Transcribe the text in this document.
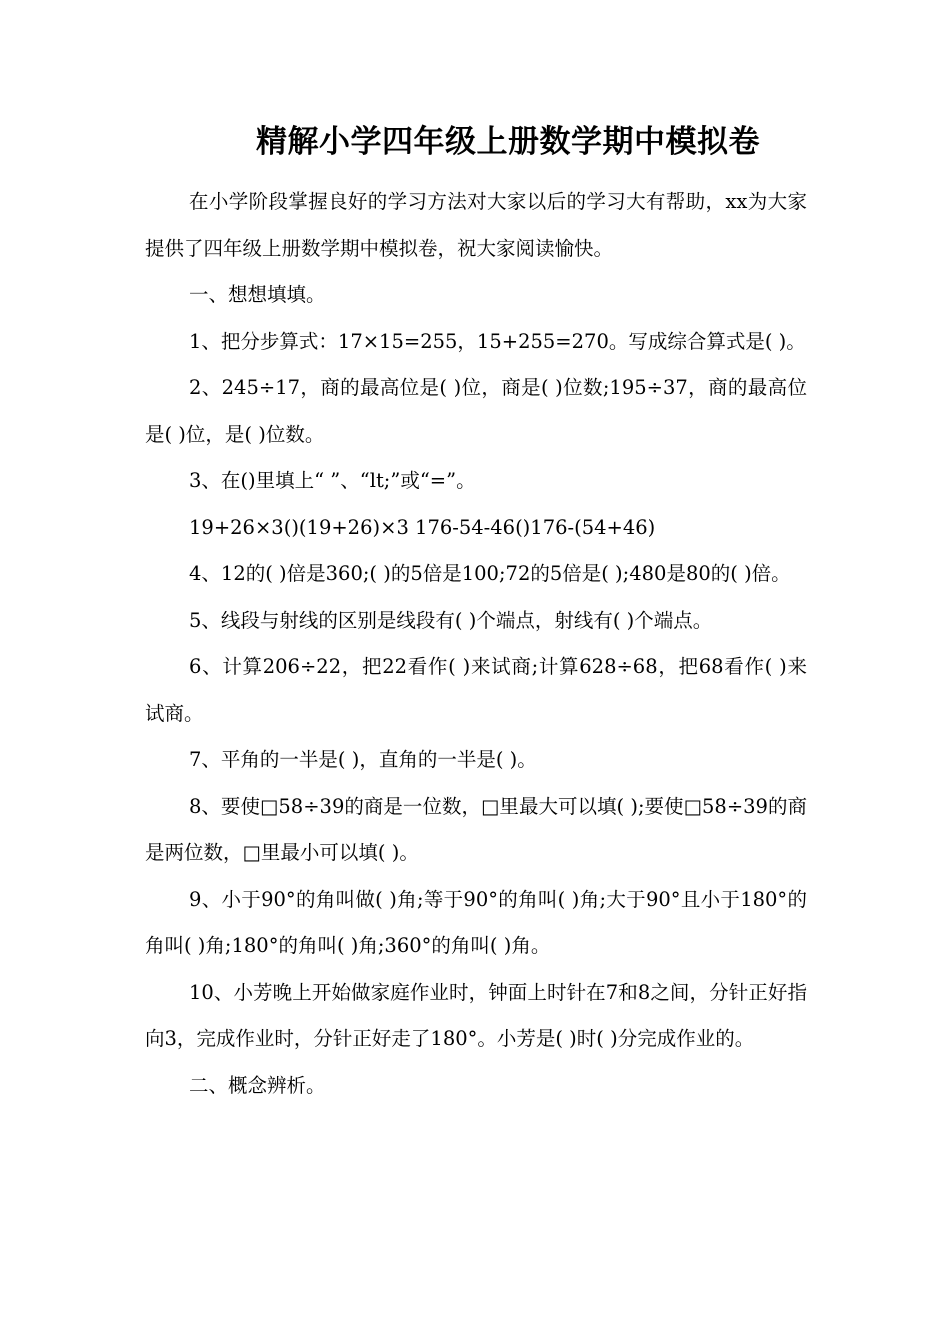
精解小学四年级上册数学期中模拟卷

在小学阶段掌握良好的学习方法对大家以后的学习大有帮助，xx为大家提供了四年级上册数学期中模拟卷，祝大家阅读愉快。

一、想想填填。

1、把分步算式：17×15=255，15+255=270。写成综合算式是( )。

2、245÷17，商的最高位是( )位，商是( )位数;195÷37，商的最高位是( )位，是( )位数。

3、在()里填上“ ”、“lt;”或“=”。

19+26×3()(19+26)×3 176-54-46()176-(54+46)

4、12的( )倍是360;( )的5倍是100;72的5倍是( );480是80的( )倍。

5、线段与射线的区别是线段有( )个端点，射线有( )个端点。

6、计算206÷22，把22看作( )来试商;计算628÷68，把68看作( )来试商。

7、平角的一半是( )，直角的一半是( )。

8、要使□58÷39的商是一位数，□里最大可以填( );要使□58÷39的商是两位数，□里最小可以填( )。

9、小于90°的角叫做( )角;等于90°的角叫( )角;大于90°且小于180°的角叫( )角;180°的角叫( )角;360°的角叫( )角。

10、小芳晚上开始做家庭作业时，钟面上时针在7和8之间，分针正好指向3，完成作业时，分针正好走了180°。小芳是( )时( )分完成作业的。

二、概念辨析。
